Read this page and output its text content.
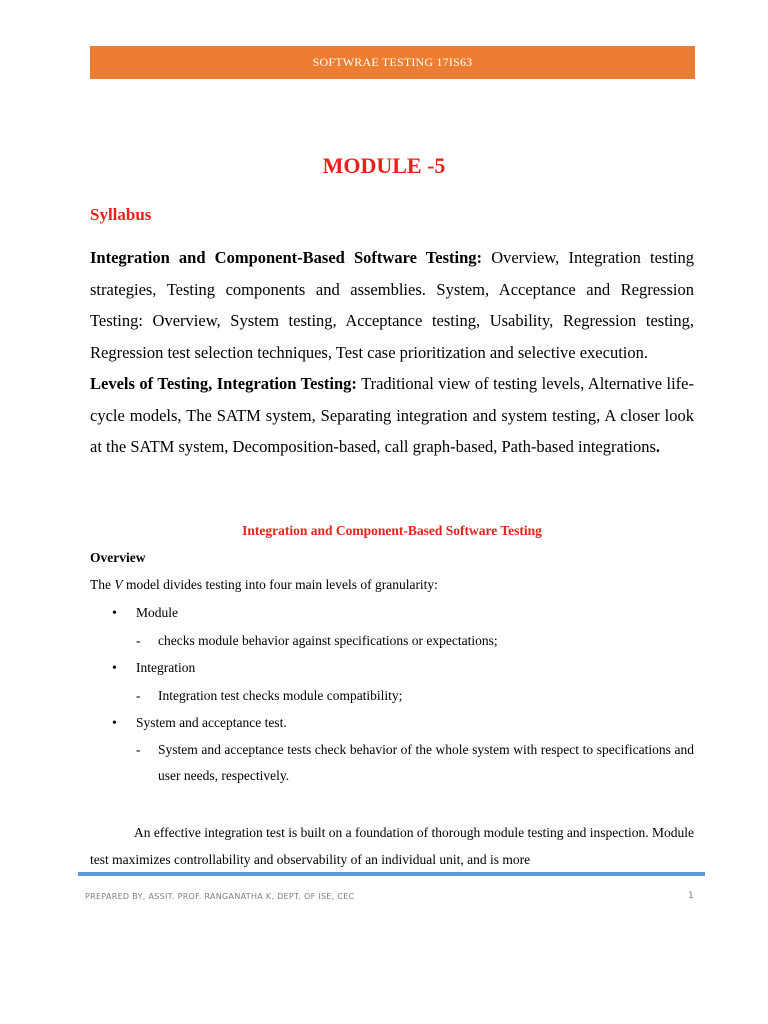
SOFTWRAE TESTING 17IS63
MODULE -5
Syllabus
Integration and Component-Based Software Testing: Overview, Integration testing strategies, Testing components and assemblies. System, Acceptance and Regression Testing: Overview, System testing, Acceptance testing, Usability, Regression testing, Regression test selection techniques, Test case prioritization and selective execution.
Levels of Testing, Integration Testing: Traditional view of testing levels, Alternative life-cycle models, The SATM system, Separating integration and system testing, A closer look at the SATM system, Decomposition-based, call graph-based, Path-based integrations.
Integration and Component-Based Software Testing
Overview
The V model divides testing into four main levels of granularity:
• Module
- checks module behavior against specifications or expectations;
• Integration
- Integration test checks module compatibility;
• System and acceptance test.
- System and acceptance tests check behavior of the whole system with respect to specifications and user needs, respectively.
An effective integration test is built on a foundation of thorough module testing and inspection. Module test maximizes controllability and observability of an individual unit, and is more
PREPARED BY, ASSIT. PROF. RANGANATHA K, DEPT. OF ISE, CEC	1
